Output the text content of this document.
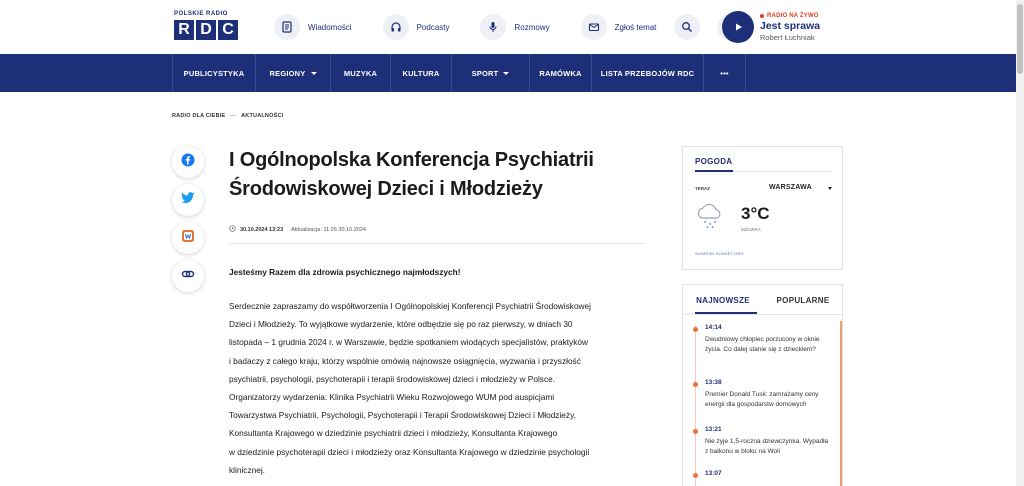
POLSKIE RADIO
R D C	Wiadomości	Podcasty	Rozmowy	Zgłoś temat
RADIO NA ŻYWO
Jest sprawa
Robert Łuchniak
PUBLICYSTYKA	REGIONY	MUZYKA	KULTURA	SPORT	RAMÓWKA	LISTA PRZEBOJÓW RDC	•••
RADIO DLA CIEBIE — AKTUALNOŚCI
I Ogólnopolska Konferencja Psychiatrii Środowiskowej Dzieci i Młodzieży
30.10.2024 13:23 Aktualizacja: 11:26 30.10.2024

Jesteśmy Razem dla zdrowia psychicznego najmłodszych!

Serdecznie zapraszamy do współtworzenia I Ogólnopolskiej Konferencji Psychiatrii Środowiskowej
Dzieci i Młodzieży. To wyjątkowe wydarzenie, które odbędzie się po raz pierwszy, w dniach 30
listopada – 1 grudnia 2024 r. w Warszawie, będzie spotkaniem wiodących specjalistów, praktyków
i badaczy z całego kraju, którzy wspólnie omówią najnowsze osiągnięcia, wyzwania i przyszłość
psychiatrii, psychologii, psychoterapii i terapii środowiskowej dzieci i młodzieży w Polsce.
Organizatorzy wydarzenia: Klinika Psychiatrii Wieku Rozwojowego WUM pod auspicjami
Towarzystwa Psychiatrii, Psychologii, Psychoterapii i Terapii Środowiskowej Dzieci i Młodzieży,
Konsultanta Krajowego w dziedzinie psychiatrii dzieci i młodzieży, Konsultanta Krajowego
w dziedzinie psychoterapii dzieci i młodzieży oraz Konsultanta Krajowego w dziedzinie psychologii
klinicznej.
POGODA
TERAZ	WARSZAWA
3°C
MŻAWKA
SUNRISE-SUNSET.ORG
NAJNOWSZE	POPULARNE
14:14
Dwudniowy chłopiec porzucony w oknie życia. Co dalej stanie się z dzieckiem?
13:38
Premier Donald Tusk: zamrażamy ceny energii dla gospodarstw domowych
13:21
Nie żyje 1,5-roczna dziewczynka. Wypadła z balkonu w bloku na Woli
13:07
